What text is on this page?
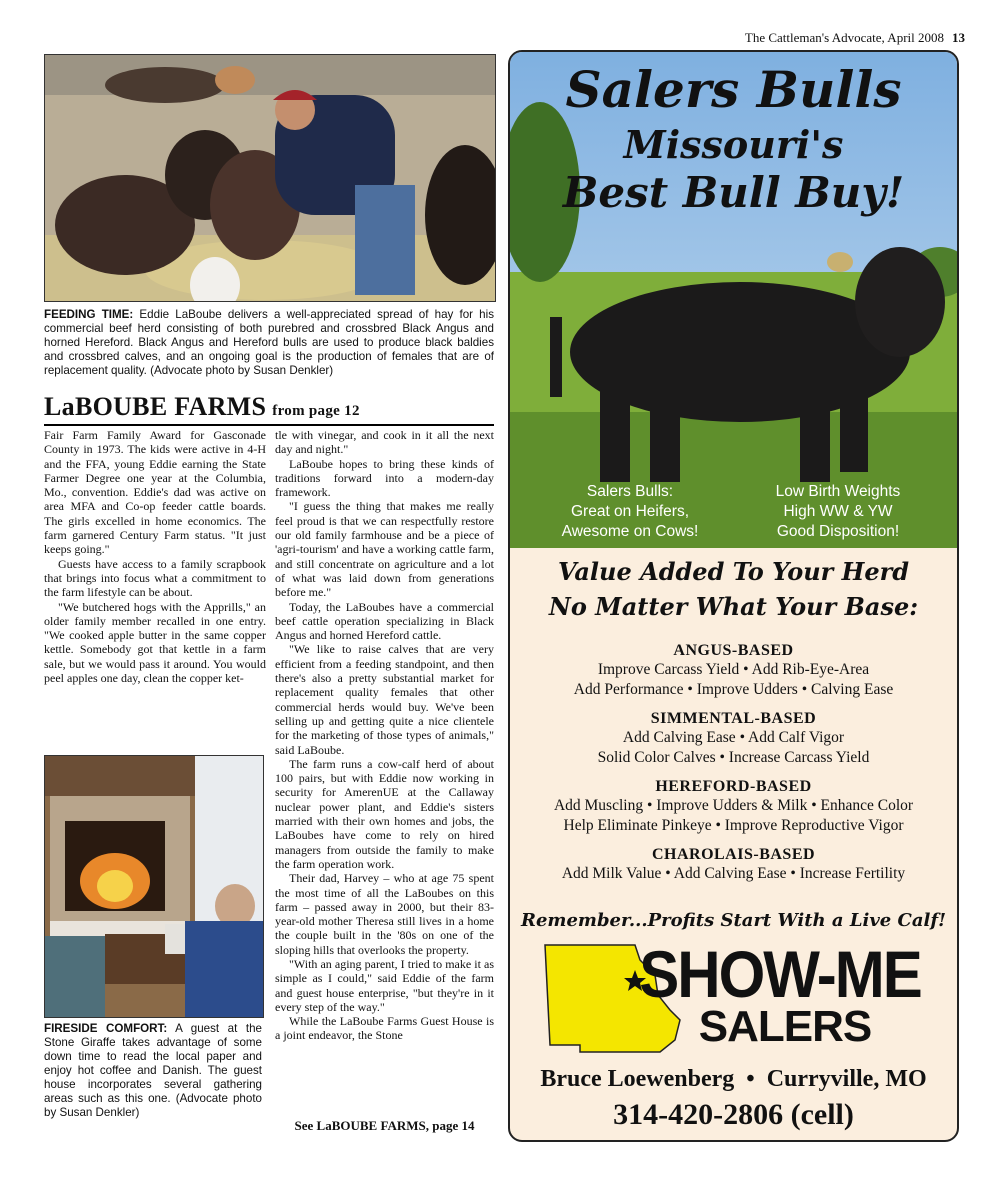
The Cattleman's Advocate, April 2008 13
FEEDING TIME: Eddie LaBoube delivers a well-appreciated spread of hay for his commercial beef herd consisting of both purebred and crossbred Black Angus and horned Hereford. Black Angus and Hereford bulls are used to produce black baldies and crossbred calves, and an ongoing goal is the production of females that are of replacement quality. (Advocate photo by Susan Denkler)
LaBOUBE FARMS from page 12

Fair Farm Family Award for Gasconade County in 1973. The kids were active in 4-H and the FFA, young Eddie earning the State Farmer Degree one year at the Columbia, Mo., convention. Eddie's dad was active on area MFA and Co-op feeder cattle boards. The girls excelled in home economics. The farm garnered Century Farm status. "It just keeps going."

Guests have access to a family scrapbook that brings into focus what a commitment to the farm lifestyle can be about.

"We butchered hogs with the Apprills," an older family member recalled in one entry. "We cooked apple butter in the same copper kettle. Somebody got that kettle in a farm sale, but we would pass it around. You would peel apples one day, clean the copper ket-

FIRESIDE COMFORT: A guest at the Stone Giraffe takes advantage of some down time to read the local paper and enjoy hot coffee and Danish. The guest house incorporates several gathering areas such as this one. (Advocate photo by Susan Denkler)

tle with vinegar, and cook in it all the next day and night."

LaBoube hopes to bring these kinds of traditions forward into a modern-day framework.

"I guess the thing that makes me really feel proud is that we can respectfully restore our old family farmhouse and be a piece of 'agri-tourism' and have a working cattle farm, and still concentrate on agriculture and a lot of what was laid down from generations before me."

Today, the LaBoubes have a commercial beef cattle operation specializing in Black Angus and horned Hereford cattle.

"We like to raise calves that are very efficient from a feeding standpoint, and then there's also a pretty substantial market for replacement quality females that other commercial herds would buy. We've been selling up and getting quite a nice clientele for the marketing of those types of animals," said LaBoube.

The farm runs a cow-calf herd of about 100 pairs, but with Eddie now working in security for AmerenUE at the Callaway nuclear power plant, and Eddie's sisters married with their own homes and jobs, the LaBoubes have come to rely on hired managers from outside the family to make the farm operation work.

Their dad, Harvey – who at age 75 spent the most time of all the LaBoubes on this farm – passed away in 2000, but their 83-year-old mother Theresa still lives in a home the couple built in the '80s on one of the sloping hills that overlooks the property.

"With an aging parent, I tried to make it as simple as I could," said Eddie of the farm and guest house enterprise, "but they're in it every step of the way."

While the LaBoube Farms Guest House is a joint endeavor, the Stone

See LaBOUBE FARMS, page 14
Salers Bulls
Missouri's
Best Bull Buy!
Salers Bulls:
Great on Heifers,
Awesome on Cows!
Low Birth Weights
High WW & YW
Good Disposition!
Value Added To Your Herd
No Matter What Your Base:
ANGUS-BASED
Improve Carcass Yield • Add Rib-Eye-Area
Add Performance • Improve Udders • Calving Ease
SIMMENTAL-BASED
Add Calving Ease • Add Calf Vigor
Solid Color Calves • Increase Carcass Yield
HEREFORD-BASED
Add Muscling • Improve Udders & Milk • Enhance Color
Help Eliminate Pinkeye • Improve Reproductive Vigor
CHAROLAIS-BASED
Add Milk Value • Add Calving Ease • Increase Fertility
Remember...Profits Start With a Live Calf!
SHOW-ME
SALERS
Bruce Loewenberg  •  Curryville, MO
314-420-2806 (cell)
